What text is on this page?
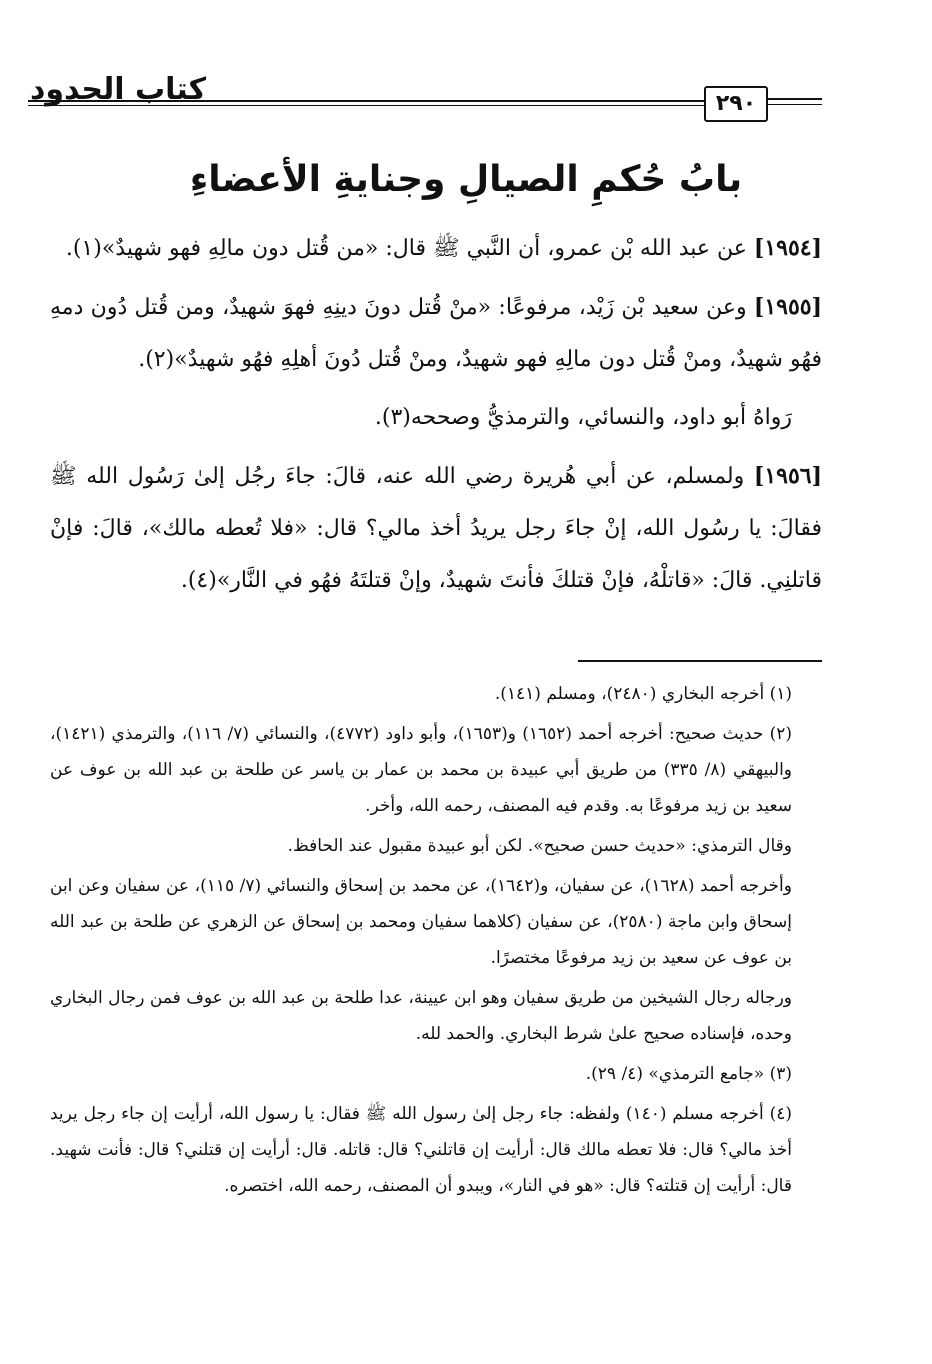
كتاب الحدود	٢٩٠
بابُ حُكمِ الصيالِ وجنايةِ الأعضاءِ

[١٩٥٤] عن عبد الله بْن عمرو، أن النَّبي ﷺ قال: «من قُتل دون مالِهِ فهو شهيدٌ»(١).

[١٩٥٥] وعن سعيد بْن زَيْد، مرفوعًا: «منْ قُتل دونَ دينِهِ فهوَ شهيدٌ، ومن قُتل دُون دمهِ فهُو شهيدٌ، ومنْ قُتل دون مالِهِ فهو شهيدٌ، ومنْ قُتل دُونَ أهلِهِ فهُو شهيدٌ»(٢).

رَواهُ أبو داود، والنسائي، والترمذيُّ وصححه(٣).

[١٩٥٦] ولمسلم، عن أبي هُريرة رضي الله عنه، قالَ: جاءَ رجُل إلىٰ رَسُول الله ﷺ فقالَ: يا رسُول الله، إنْ جاءَ رجل يريدُ أخذ مالي؟ قال: «فلا تُعطه مالك»، قالَ: فإنْ قاتلنِي. قالَ: «قاتلْهُ، فإنْ قتلكَ فأنتَ شهيدٌ، وإنْ قتلتَهُ فهُو في النَّار»(٤).

(١) أخرجه البخاري (٢٤٨٠)، ومسلم (١٤١).

(٢) حديث صحيح: أخرجه أحمد (١٦٥٢) و(١٦٥٣)، وأبو داود (٤٧٧٢)، والنسائي (٧/ ١١٦)، والترمذي (١٤٢١)، والبيهقي (٨/ ٣٣٥) من طريق أبي عبيدة بن محمد بن عمار بن ياسر عن طلحة بن عبد الله بن عوف عن سعيد بن زيد مرفوعًا به. وقدم فيه المصنف، رحمه الله، وأخر.

وقال الترمذي: «حديث حسن صحيح». لكن أبو عبيدة مقبول عند الحافظ.

وأخرجه أحمد (١٦٢٨)، عن سفيان، و(١٦٤٢)، عن محمد بن إسحاق والنسائي (٧/ ١١٥)، عن سفيان وعن ابن إسحاق وابن ماجة (٢٥٨٠)، عن سفيان (كلاهما سفيان ومحمد بن إسحاق عن الزهري عن طلحة بن عبد الله بن عوف عن سعيد بن زيد مرفوعًا مختصرًا.

ورجاله رجال الشيخين من طريق سفيان وهو ابن عيينة، عدا طلحة بن عبد الله بن عوف فمن رجال البخاري وحده، فإسناده صحيح علىٰ شرط البخاري. والحمد لله.

(٣) «جامع الترمذي» (٤/ ٢٩).

(٤) أخرجه مسلم (١٤٠) ولفظه: جاء رجل إلىٰ رسول الله ﷺ فقال: يا رسول الله، أرأيت إن جاء رجل يريد أخذ مالي؟ قال: فلا تعطه مالك قال: أرأيت إن قاتلني؟ قال: قاتله. قال: أرأيت إن قتلني؟ قال: فأنت شهيد. قال: أرأيت إن قتلته؟ قال: «هو في النار»، ويبدو أن المصنف، رحمه الله، اختصره.
